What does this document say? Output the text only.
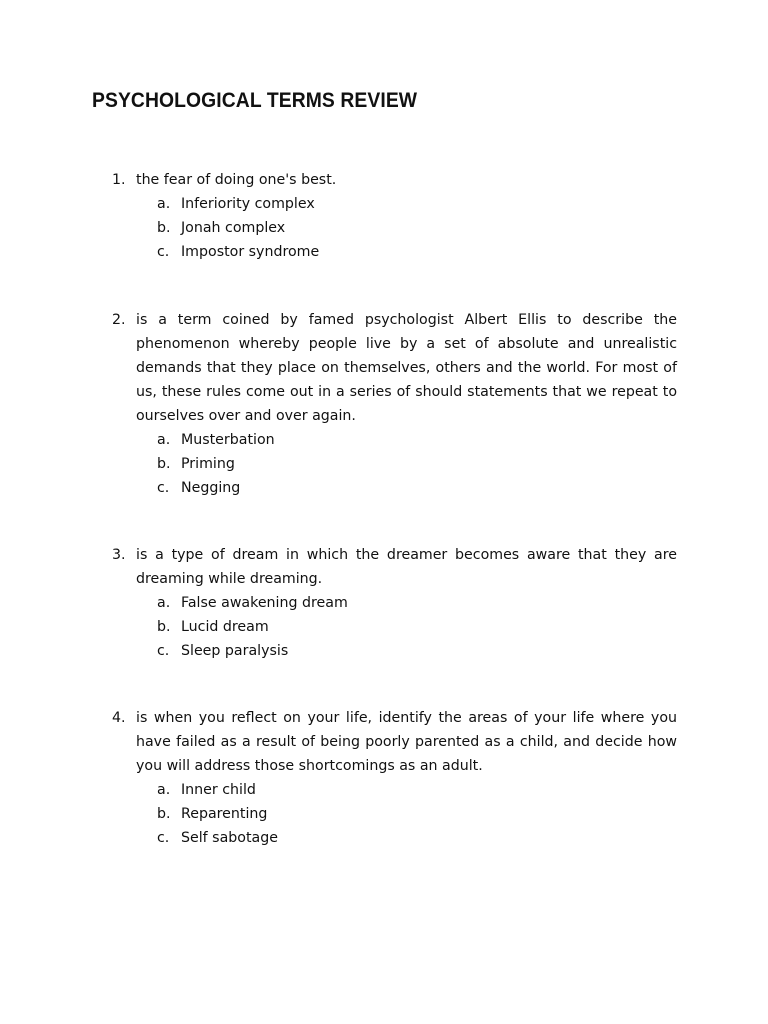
PSYCHOLOGICAL TERMS REVIEW
1. the fear of doing one's best.
a. Inferiority complex
b. Jonah complex
c. Impostor syndrome
2. is a term coined by famed psychologist Albert Ellis to describe the phenomenon whereby people live by a set of absolute and unrealistic demands that they place on themselves, others and the world. For most of us, these rules come out in a series of should statements that we repeat to ourselves over and over again.
a. Musterbation
b. Priming
c. Negging
3. is a type of dream in which the dreamer becomes aware that they are dreaming while dreaming.
a. False awakening dream
b. Lucid dream
c. Sleep paralysis
4. is when you reflect on your life, identify the areas of your life where you have failed as a result of being poorly parented as a child, and decide how you will address those shortcomings as an adult.
a. Inner child
b. Reparenting
c. Self sabotage
